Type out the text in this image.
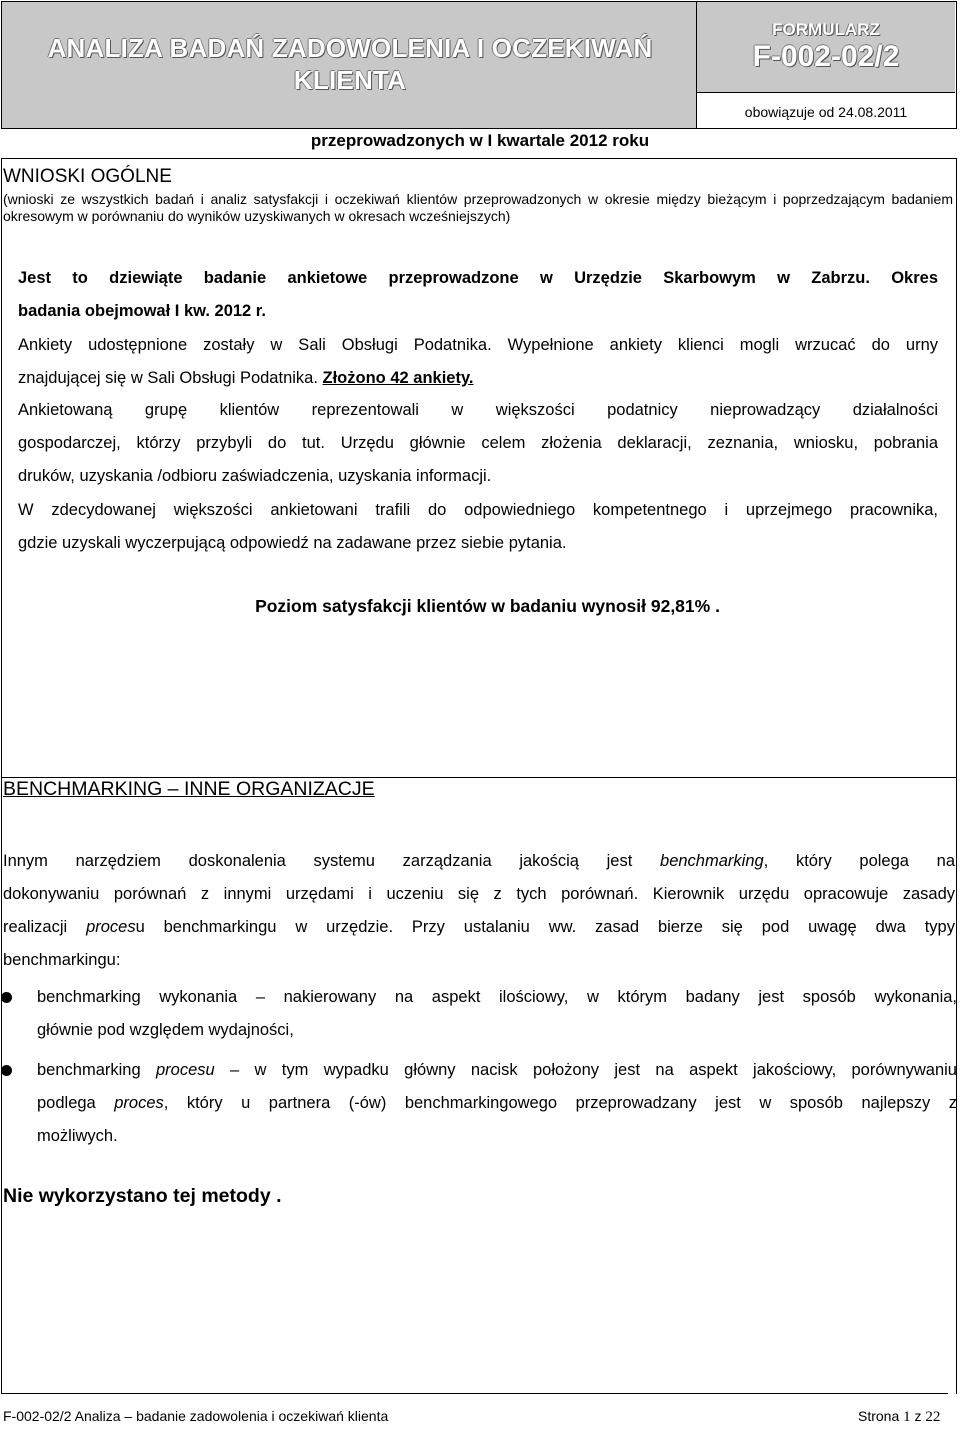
ANALIZA BADAŃ ZADOWOLENIA I OCZEKIWAŃ
KLIENTA
FORMULARZ
F-002-02/2
obowiązuje od 24.08.2011
przeprowadzonych w I kwartale 2012 roku
WNIOSKI OGÓLNE
(wnioski ze wszystkich badań i analiz satysfakcji i oczekiwań klientów przeprowadzonych w okresie między bieżącym i poprzedzającym badaniem okresowym w porównaniu do wyników uzyskiwanych w okresach wcześniejszych)
Jest to dziewiąte badanie ankietowe przeprowadzone w Urzędzie Skarbowym w Zabrzu. Okres
badania obejmował I kw. 2012 r.
Ankiety udostępnione zostały w Sali Obsługi Podatnika. Wypełnione ankiety klienci mogli wrzucać do urny
znajdującej się w Sali Obsługi Podatnika. Złożono 42 ankiety.
Ankietowaną grupę klientów reprezentowali w większości podatnicy nieprowadzący działalności
gospodarczej, którzy przybyli do tut. Urzędu głównie celem złożenia deklaracji, zeznania, wniosku, pobrania
druków, uzyskania /odbioru zaświadczenia, uzyskania informacji.
W zdecydowanej większości ankietowani trafili do odpowiedniego kompetentnego i uprzejmego pracownika,
gdzie uzyskali wyczerpującą odpowiedź na zadawane przez siebie pytania.
Poziom satysfakcji klientów w badaniu wynosił 92,81% .
BENCHMARKING – INNE ORGANIZACJE
Innym narzędziem doskonalenia systemu zarządzania jakością jest benchmarking, który polega na
dokonywaniu porównań z innymi urzędami i uczeniu się z tych porównań. Kierownik urzędu opracowuje zasady
realizacji procesu benchmarkingu w urzędzie. Przy ustalaniu ww. zasad bierze się pod uwagę dwa typy
benchmarkingu:
benchmarking wykonania – nakierowany na aspekt ilościowy, w którym badany jest sposób wykonania,
głównie pod względem wydajności,
benchmarking procesu – w tym wypadku główny nacisk położony jest na aspekt jakościowy, porównywaniu
podlega proces, który u partnera (-ów) benchmarkingowego przeprowadzany jest w sposób najlepszy z
możliwych.
Nie wykorzystano tej metody .
F-002-02/2 Analiza – badanie zadowolenia i oczekiwań klienta	Strona 1 z 22
